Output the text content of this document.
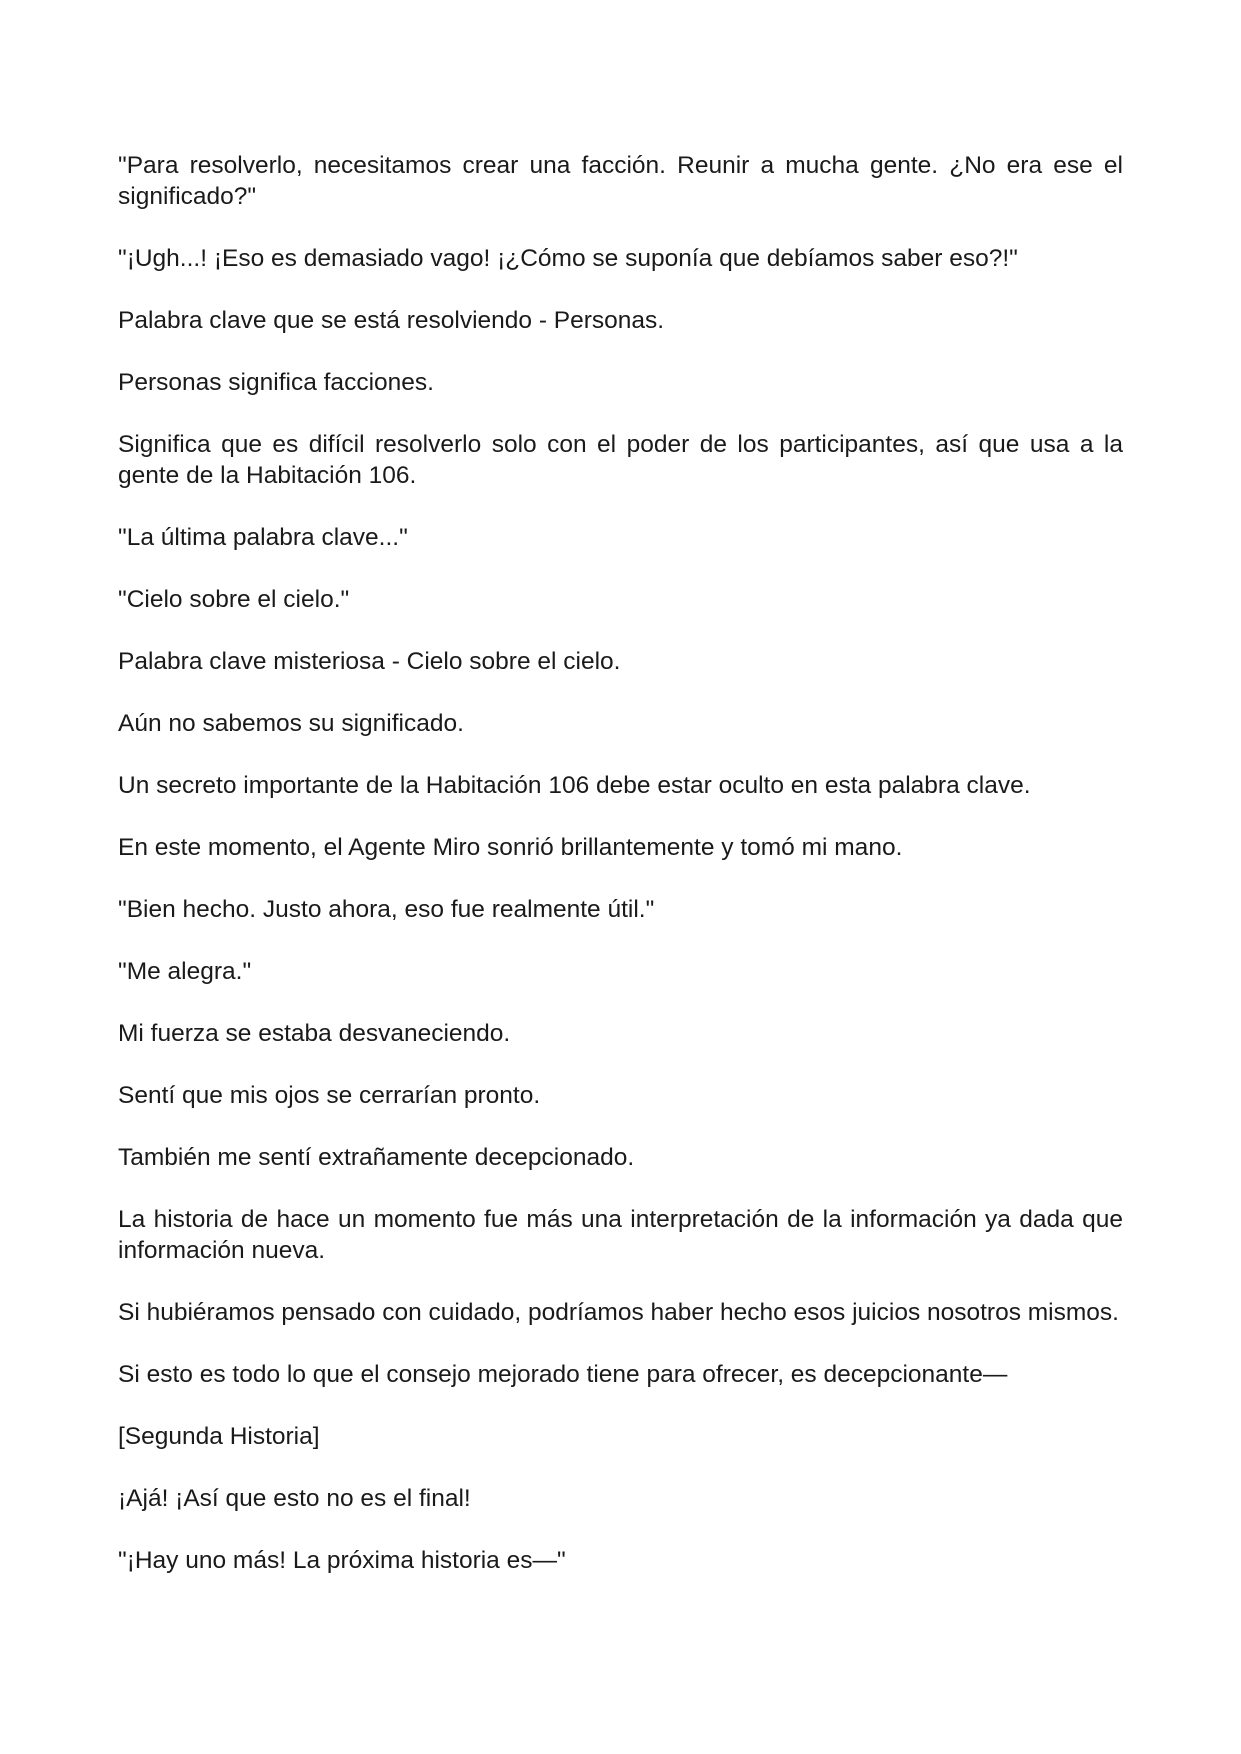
"Para resolverlo, necesitamos crear una facción. Reunir a mucha gente. ¿No era ese el significado?"

"¡Ugh...! ¡Eso es demasiado vago! ¡¿Cómo se suponía que debíamos saber eso?!"

Palabra clave que se está resolviendo - Personas.

Personas significa facciones.

Significa que es difícil resolverlo solo con el poder de los participantes, así que usa a la gente de la Habitación 106.

"La última palabra clave..."

"Cielo sobre el cielo."

Palabra clave misteriosa - Cielo sobre el cielo.

Aún no sabemos su significado.

Un secreto importante de la Habitación 106 debe estar oculto en esta palabra clave.

En este momento, el Agente Miro sonrió brillantemente y tomó mi mano.

"Bien hecho. Justo ahora, eso fue realmente útil."

"Me alegra."

Mi fuerza se estaba desvaneciendo.

Sentí que mis ojos se cerrarían pronto.

También me sentí extrañamente decepcionado.

La historia de hace un momento fue más una interpretación de la información ya dada que información nueva.

Si hubiéramos pensado con cuidado, podríamos haber hecho esos juicios nosotros mismos.

Si esto es todo lo que el consejo mejorado tiene para ofrecer, es decepcionante—

[Segunda Historia]

¡Ajá! ¡Así que esto no es el final!

"¡Hay uno más! La próxima historia es—"
